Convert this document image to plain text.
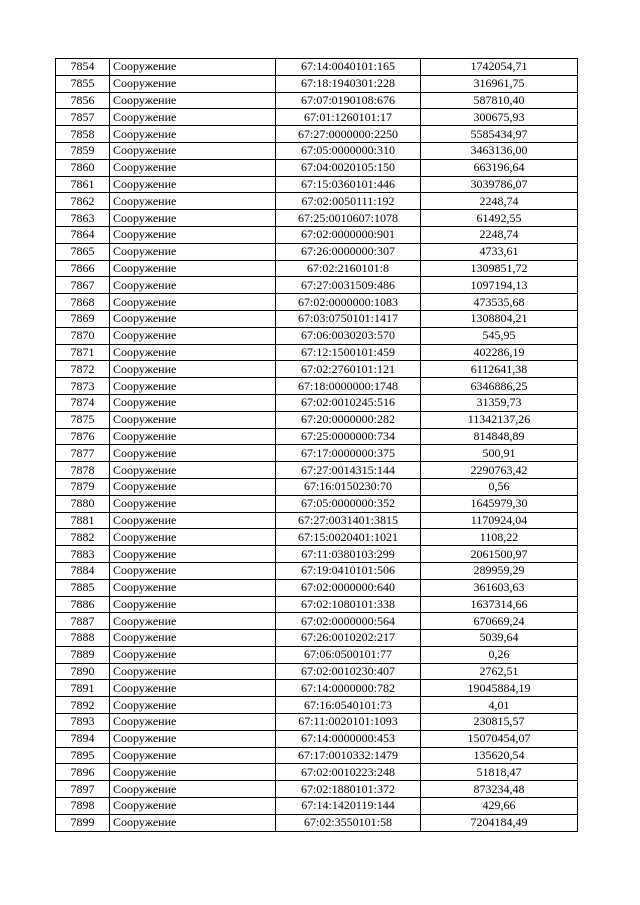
7854	Сооружение	67:14:0040101:165	1742054,71
7855	Сооружение	67:18:1940301:228	316961,75
7856	Сооружение	67:07:0190108:676	587810,40
7857	Сооружение	67:01:1260101:17	300675,93
7858	Сооружение	67:27:0000000:2250	5585434,97
7859	Сооружение	67:05:0000000:310	3463136,00
7860	Сооружение	67:04:0020105:150	663196,64
7861	Сооружение	67:15:0360101:446	3039786,07
7862	Сооружение	67:02:0050111:192	2248,74
7863	Сооружение	67:25:0010607:1078	61492,55
7864	Сооружение	67:02:0000000:901	2248,74
7865	Сооружение	67:26:0000000:307	4733,61
7866	Сооружение	67:02:2160101:8	1309851,72
7867	Сооружение	67:27:0031509:486	1097194,13
7868	Сооружение	67:02:0000000:1083	473535,68
7869	Сооружение	67:03:0750101:1417	1308804,21
7870	Сооружение	67:06:0030203:570	545,95
7871	Сооружение	67:12:1500101:459	402286,19
7872	Сооружение	67:02:2760101:121	6112641,38
7873	Сооружение	67:18:0000000:1748	6346886,25
7874	Сооружение	67:02:0010245:516	31359,73
7875	Сооружение	67:20:0000000:282	11342137,26
7876	Сооружение	67:25:0000000:734	814848,89
7877	Сооружение	67:17:0000000:375	500,91
7878	Сооружение	67:27:0014315:144	2290763,42
7879	Сооружение	67:16:0150230:70	0,56
7880	Сооружение	67:05:0000000:352	1645979,30
7881	Сооружение	67:27:0031401:3815	1170924,04
7882	Сооружение	67:15:0020401:1021	1108,22
7883	Сооружение	67:11:0380103:299	2061500,97
7884	Сооружение	67:19:0410101:506	289959,29
7885	Сооружение	67:02:0000000:640	361603,63
7886	Сооружение	67:02:1080101:338	1637314,66
7887	Сооружение	67:02:0000000:564	670669,24
7888	Сооружение	67:26:0010202:217	5039,64
7889	Сооружение	67:06:0500101:77	0,26
7890	Сооружение	67:02:0010230:407	2762,51
7891	Сооружение	67:14:0000000:782	19045884,19
7892	Сооружение	67:16:0540101:73	4,01
7893	Сооружение	67:11:0020101:1093	230815,57
7894	Сооружение	67:14:0000000:453	15070454,07
7895	Сооружение	67:17:0010332:1479	135620,54
7896	Сооружение	67:02:0010223:248	51818,47
7897	Сооружение	67:02:1880101:372	873234,48
7898	Сооружение	67:14:1420119:144	429,66
7899	Сооружение	67:02:3550101:58	7204184,49
